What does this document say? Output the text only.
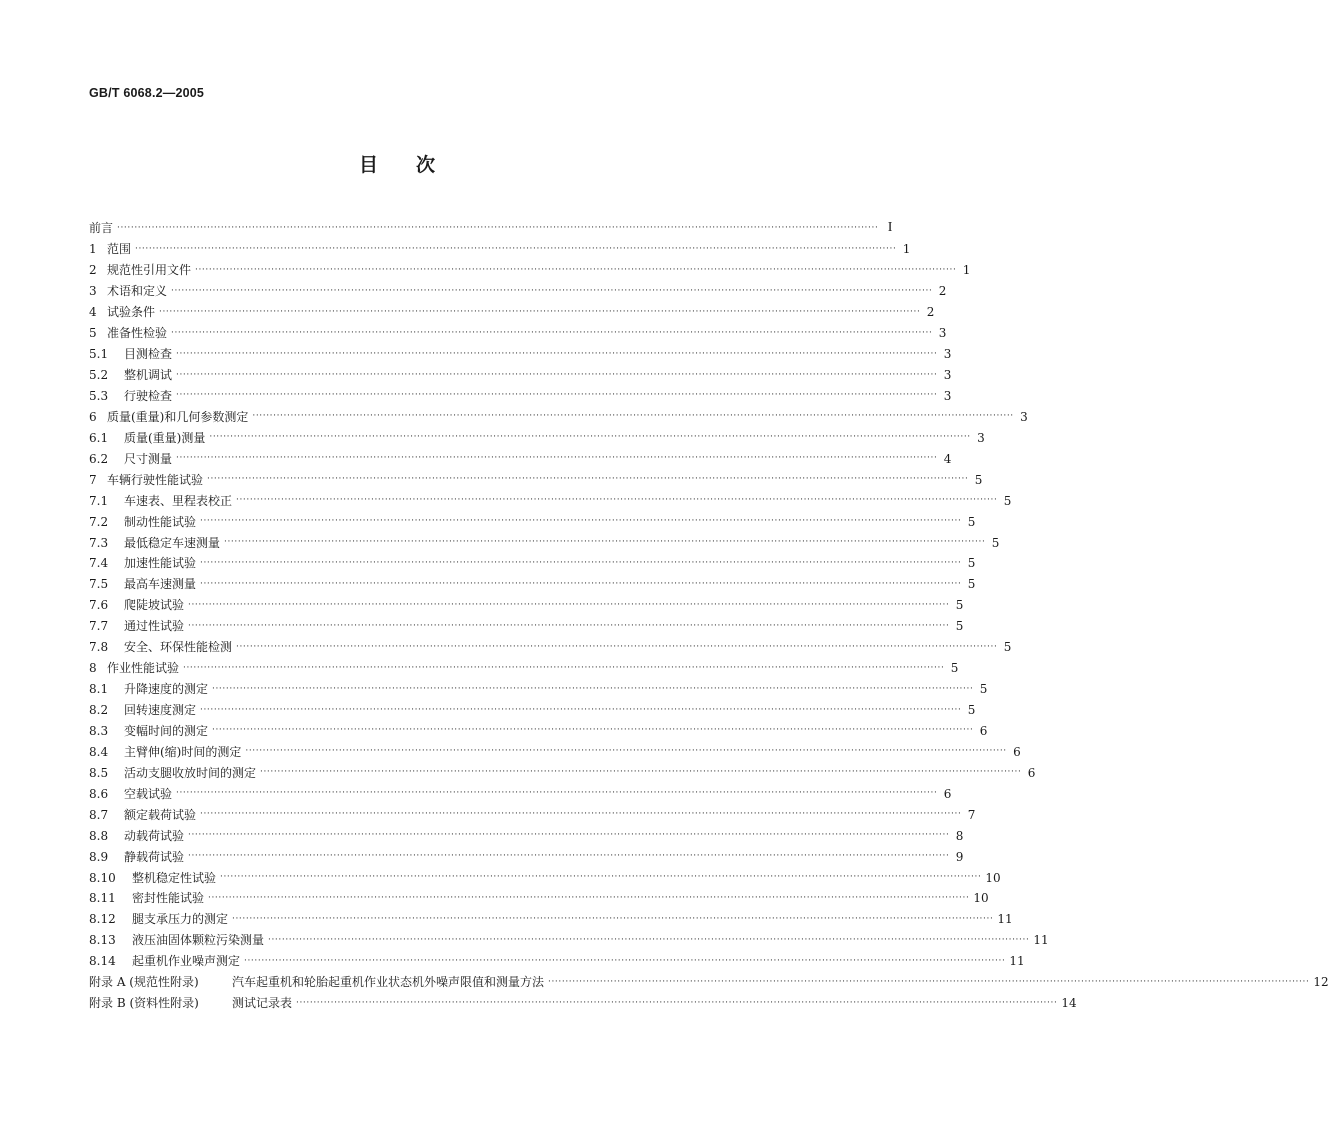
GB/T 6068.2—2005
目 次
前言 ···························································································································································································································· I
1 范围 ···························································································································································································································· 1
2 规范性引用文件 ···························································································································································································································· 1
3 术语和定义 ···························································································································································································································· 2
4 试验条件 ···························································································································································································································· 2
5 准备性检验 ···························································································································································································································· 3
5.1	目测检查 ···························································································································································································································· 3
5.2	整机调试 ···························································································································································································································· 3
5.3	行驶检查 ···························································································································································································································· 3
6 质量(重量)和几何参数测定 ···························································································································································································································· 3
6.1	质量(重量)测量 ···························································································································································································································· 3
6.2	尺寸测量 ···························································································································································································································· 4
7 车辆行驶性能试验 ···························································································································································································································· 5
7.1	车速表、里程表校正 ···························································································································································································································· 5
7.2	制动性能试验 ···························································································································································································································· 5
7.3	最低稳定车速测量 ···························································································································································································································· 5
7.4	加速性能试验 ···························································································································································································································· 5
7.5	最高车速测量 ···························································································································································································································· 5
7.6	爬陡坡试验 ···························································································································································································································· 5
7.7	通过性试验 ···························································································································································································································· 5
7.8	安全、环保性能检测 ···························································································································································································································· 5
8 作业性能试验 ···························································································································································································································· 5
8.1	升降速度的测定 ···························································································································································································································· 5
8.2	回转速度测定 ···························································································································································································································· 5
8.3	变幅时间的测定 ···························································································································································································································· 6
8.4	主臂伸(缩)时间的测定 ···························································································································································································································· 6
8.5	活动支腿收放时间的测定 ···························································································································································································································· 6
8.6	空载试验 ···························································································································································································································· 6
8.7	额定载荷试验 ···························································································································································································································· 7
8.8	动载荷试验 ···························································································································································································································· 8
8.9	静载荷试验 ···························································································································································································································· 9
8.10	整机稳定性试验 ···························································································································································································································· 10
8.11	密封性能试验 ···························································································································································································································· 10
8.12	腿支承压力的测定 ···························································································································································································································· 11
8.13	液压油固体颗粒污染测量 ···························································································································································································································· 11
8.14	起重机作业噪声测定 ···························································································································································································································· 11
附录 A (规范性附录)	汽车起重机和轮胎起重机作业状态机外噪声限值和测量方法 ···························································································································································································································· 12
附录 B (资料性附录)	测试记录表 ···························································································································································································································· 14
